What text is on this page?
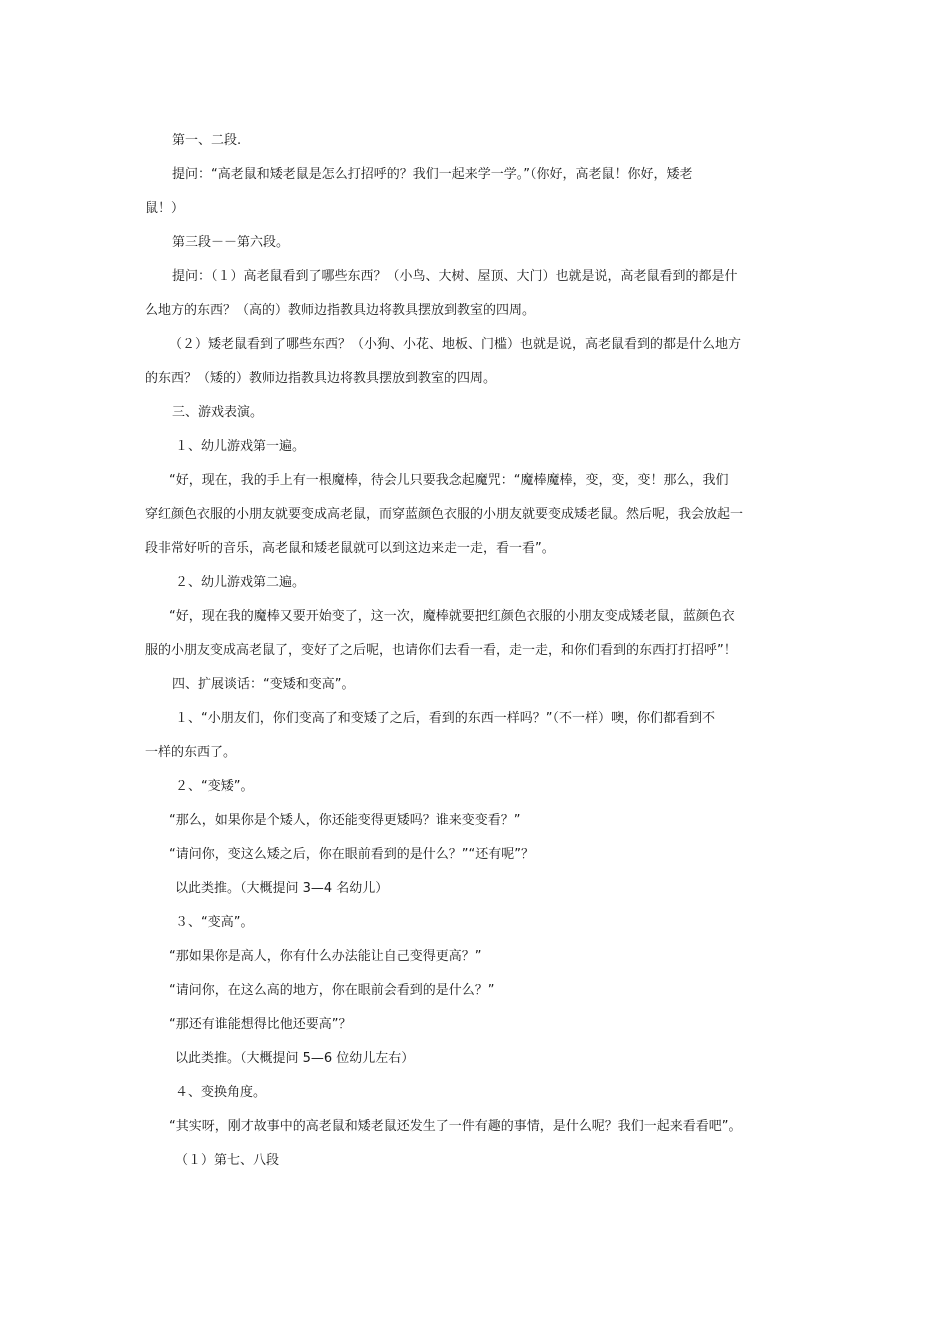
第一、二段.
提问：“高老鼠和矮老鼠是怎么打招呼的？我们一起来学一学。”（你好，高老鼠！你好，矮老
鼠！）
第三段－－第六段。
提问：（１）高老鼠看到了哪些东西？（小鸟、大树、屋顶、大门）也就是说，高老鼠看到的都是什
么地方的东西？（高的）教师边指教具边将教具摆放到教室的四周。
（２）矮老鼠看到了哪些东西？（小狗、小花、地板、门槛）也就是说，高老鼠看到的都是什么地方
的东西？（矮的）教师边指教具边将教具摆放到教室的四周。
三、游戏表演。
１、幼儿游戏第一遍。
“好，现在，我的手上有一根魔棒，待会儿只要我念起魔咒：“魔棒魔棒，变，变，变！那么，我们
穿红颜色衣服的小朋友就要变成高老鼠，而穿蓝颜色衣服的小朋友就要变成矮老鼠。然后呢，我会放起一
段非常好听的音乐，高老鼠和矮老鼠就可以到这边来走一走，看一看”。
２、幼儿游戏第二遍。
“好，现在我的魔棒又要开始变了，这一次，魔棒就要把红颜色衣服的小朋友变成矮老鼠，蓝颜色衣
服的小朋友变成高老鼠了，变好了之后呢，也请你们去看一看，走一走，和你们看到的东西打打招呼”！
四、扩展谈话：“变矮和变高”。
１、“小朋友们，你们变高了和变矮了之后，看到的东西一样吗？”（不一样）噢，你们都看到不
一样的东西了。
２、“变矮”。
“那么，如果你是个矮人，你还能变得更矮吗？谁来变变看？”
“请问你，变这么矮之后，你在眼前看到的是什么？”“还有呢”？
以此类推。（大概提问 3—4 名幼儿）
３、“变高”。
“那如果你是高人，你有什么办法能让自己变得更高？”
“请问你，在这么高的地方，你在眼前会看到的是什么？”
“那还有谁能想得比他还要高”？
以此类推。（大概提问 5—6 位幼儿左右）
４、变换角度。
“其实呀，刚才故事中的高老鼠和矮老鼠还发生了一件有趣的事情，是什么呢？我们一起来看看吧”。
（１）第七、八段
